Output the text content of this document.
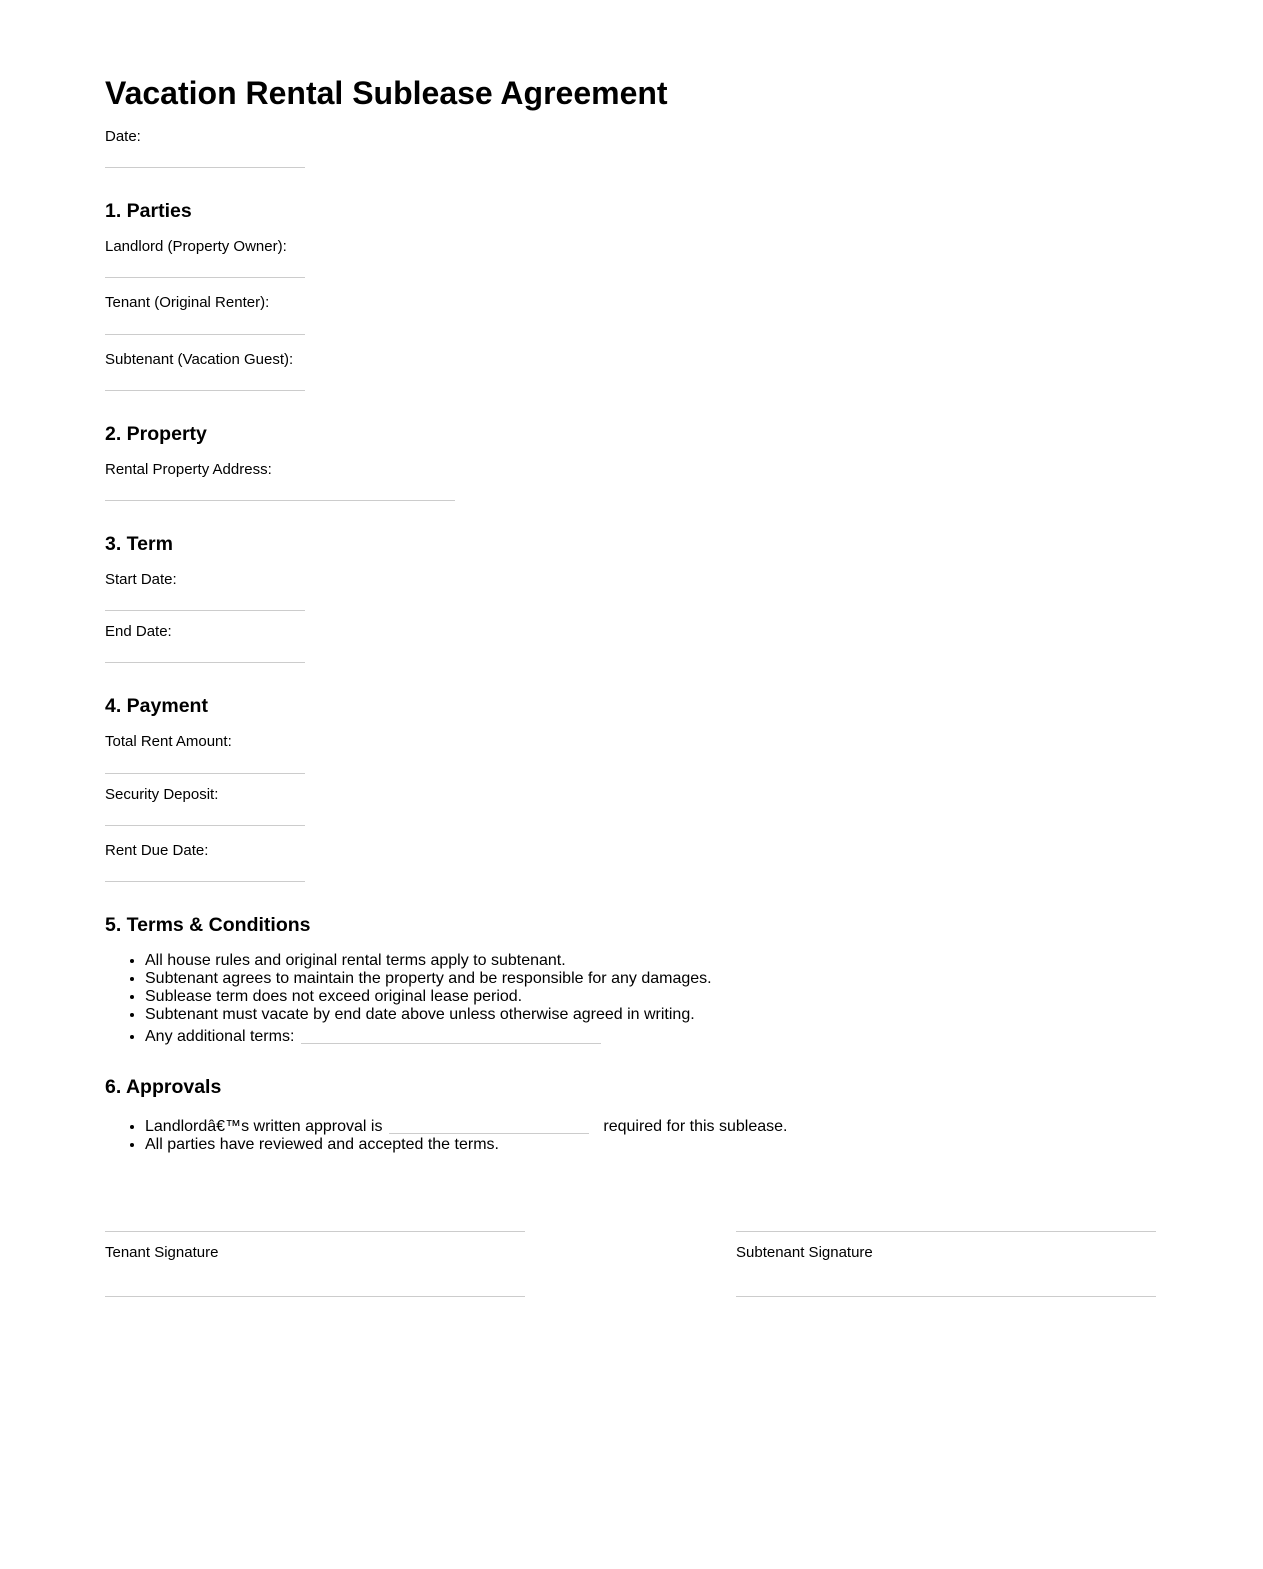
Vacation Rental Sublease Agreement
Date:
1. Parties
Landlord (Property Owner):
Tenant (Original Renter):
Subtenant (Vacation Guest):
2. Property
Rental Property Address:
3. Term
Start Date:
End Date:
4. Payment
Total Rent Amount:
Security Deposit:
Rent Due Date:
5. Terms & Conditions
• All house rules and original rental terms apply to subtenant.
• Subtenant agrees to maintain the property and be responsible for any damages.
• Sublease term does not exceed original lease period.
• Subtenant must vacate by end date above unless otherwise agreed in writing.
• Any additional terms:
6. Approvals
• Landlordâ€™s written approval is	required for this sublease.
• All parties have reviewed and accepted the terms.
Tenant Signature	Subtenant Signature
